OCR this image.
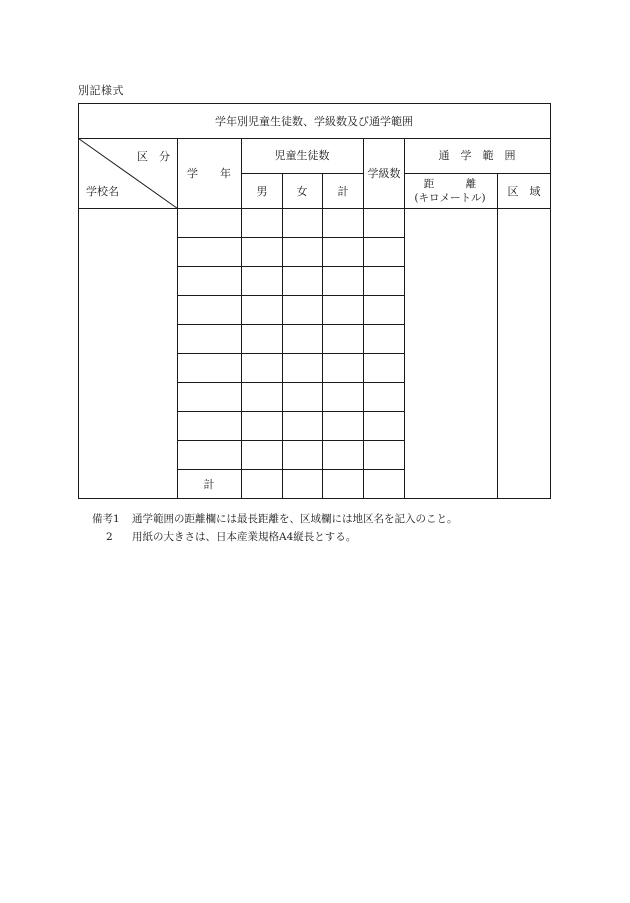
別記様式
学年別児童生徒数、学級数及び通学範囲
区　分
学校名
学　　年
児童生徒数
男	女	計
学級数
通　学　範　囲
距　　　離
(キロメートル) 区　域
計
備考1 通学範囲の距離欄には最長距離を、区域欄には地区名を記入のこと。
2 用紙の大きさは、日本産業規格A4縦長とする。
